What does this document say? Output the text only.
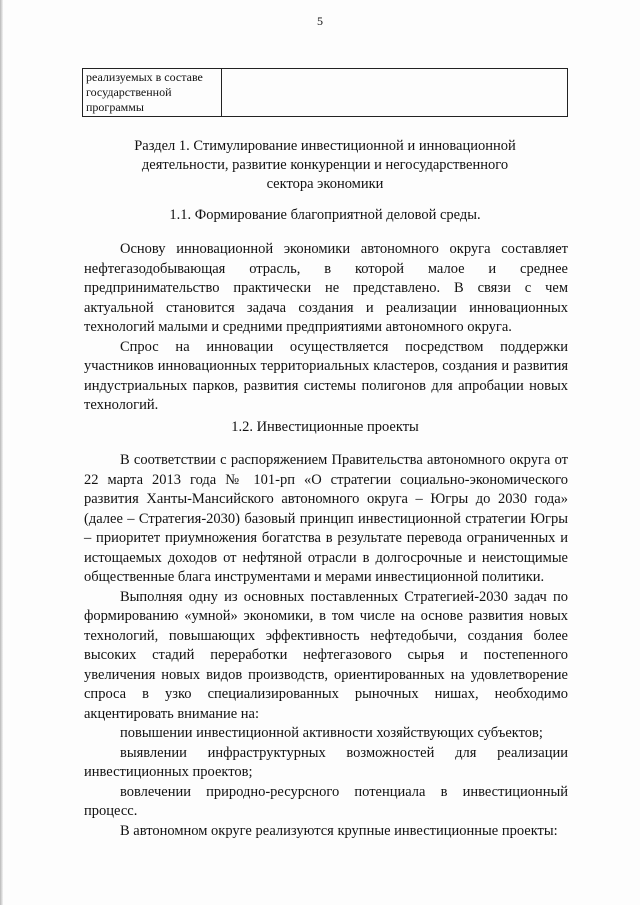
5
реализуемых в составе
государственной
программы

Раздел 1. Стимулирование инвестиционной и инновационной
деятельности, развитие конкуренции и негосударственного
сектора экономики
1.1. Формирование благоприятной деловой среды.

Основу инновационной экономики автономного округа составляет нефтегазодобывающая отрасль, в которой малое и среднее предпринимательство практически не представлено. В связи с чем актуальной становится задача создания и реализации инновационных технологий малыми и средними предприятиями автономного округа.

Спрос на инновации осуществляется посредством поддержки участников инновационных территориальных кластеров, создания и развития индустриальных парков, развития системы полигонов для апробации новых технологий.

1.2. Инвестиционные проекты

В соответствии с распоряжением Правительства автономного округа от 22 марта 2013 года № 101-рп «О стратегии социально-экономического развития Ханты-Мансийского автономного округа – Югры до 2030 года» (далее – Стратегия-2030) базовый принцип инвестиционной стратегии Югры – приоритет приумножения богатства в результате перевода ограниченных и истощаемых доходов от нефтяной отрасли в долгосрочные и неистощимые общественные блага инструментами и мерами инвестиционной политики.

Выполняя одну из основных поставленных Стратегией-2030 задач по формированию «умной» экономики, в том числе на основе развития новых технологий, повышающих эффективность нефтедобычи, создания более высоких стадий переработки нефтегазового сырья и постепенного увеличения новых видов производств, ориентированных на удовлетворение спроса в узко специализированных рыночных нишах, необходимо акцентировать внимание на:

повышении инвестиционной активности хозяйствующих субъектов;

выявлении инфраструктурных возможностей для реализации инвестиционных проектов;

вовлечении природно-ресурсного потенциала в инвестиционный процесс.

В автономном округе реализуются крупные инвестиционные проекты:
